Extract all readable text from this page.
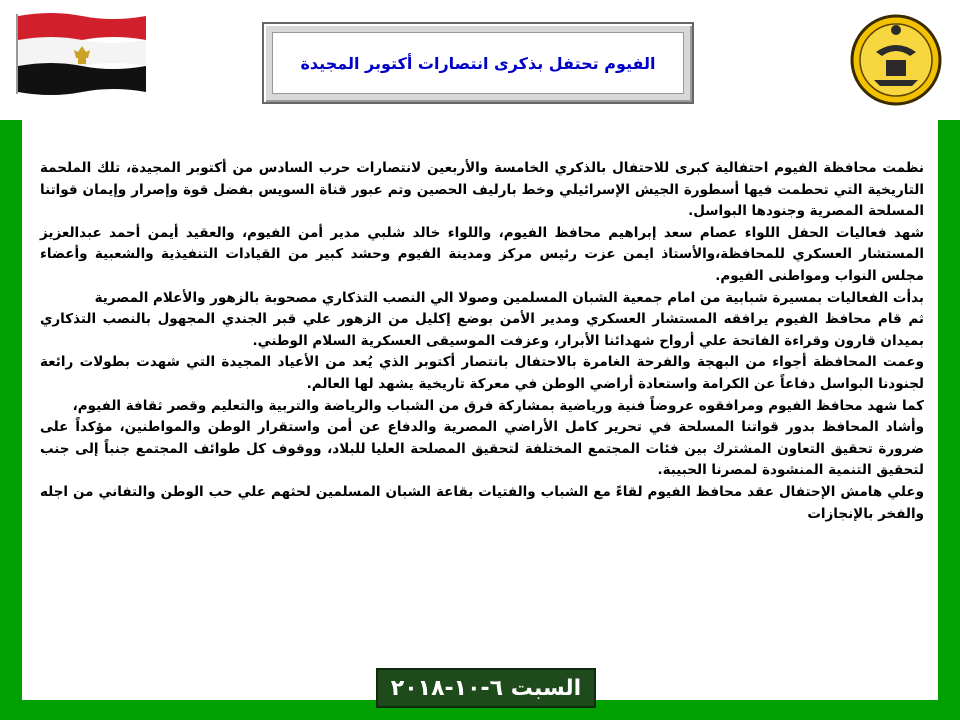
الفيوم تحتفل بذكرى انتصارات أكتوبر المجيدة

نظمت محافظة الفيوم احتفالية كبرى للاحتفال بالذكري الخامسة والأربعين لانتصارات حرب السادس من أكتوبر المجيدة، تلك الملحمة التاريخية التي تحطمت فيها أسطورة الجيش الإسرائيلي وخط بارليف الحصين وتم عبور قناة السويس بفضل قوة وإصرار وإيمان قواتنا المسلحة المصرية وجنودها البواسل.

شهد فعاليات الحفل اللواء عصام سعد إبراهيم محافظ الفيوم، واللواء خالد شلبي مدير أمن الفيوم، والعقيد أيمن أحمد عبدالعزيز المستشار العسكري للمحافظة،والأستاذ ايمن عزت رئيس مركز ومدينة الفيوم وحشد كبير من القيادات التنفيذية والشعبية وأعضاء مجلس النواب ومواطنى الفيوم.

بدأت الفعاليات بمسيرة شبابية من امام جمعية الشبان المسلمين وصولا الي النصب التذكاري مصحوبة بالزهور والأعلام المصرية

ثم قام محافظ الفيوم يرافقه المستشار العسكري ومدير الأمن بوضع إكليل من الزهور علي قبر الجندي المجهول بالنصب التذكاري بميدان قارون وقراءة الفاتحة علي أرواح شهدائنا الأبرار، وعزفت الموسيقى العسكرية السلام الوطني.

وعمت المحافظة أجواء من البهجة والفرحة الغامرة بالاحتفال بانتصار أكتوبر الذي يُعد من الأعياد المجيدة التي شهدت بطولات رائعة لجنودنا البواسل دفاعاً عن الكرامة واستعادة أراضي الوطن في معركة تاريخية يشهد لها العالم.

كما شهد محافظ الفيوم ومرافقوه عروضاً فنية ورياضية بمشاركة فرق من الشباب والرياضة والتربية والتعليم وقصر ثقافة الفيوم،

وأشاد المحافظ بدور قواتنا المسلحة في تحرير كامل الأراضي المصرية والدفاع عن أمن واستقرار الوطن والمواطنين، مؤكداً على ضرورة تحقيق التعاون المشترك بين فئات المجتمع المختلفة لتحقيق المصلحة العليا للبلاد، ووقوف كل طوائف المجتمع جنباً إلى جنب لتحقيق التنمية المنشودة لمصرنا الحبيبة.

وعلي هامش الإحتفال عقد محافظ الفيوم لقاءً مع الشباب والفتيات بقاعة الشبان المسلمين لحثهم علي حب الوطن والتفاني من اجله والفخر بالإنجازات

السبت ٦-١٠-٢٠١٨
